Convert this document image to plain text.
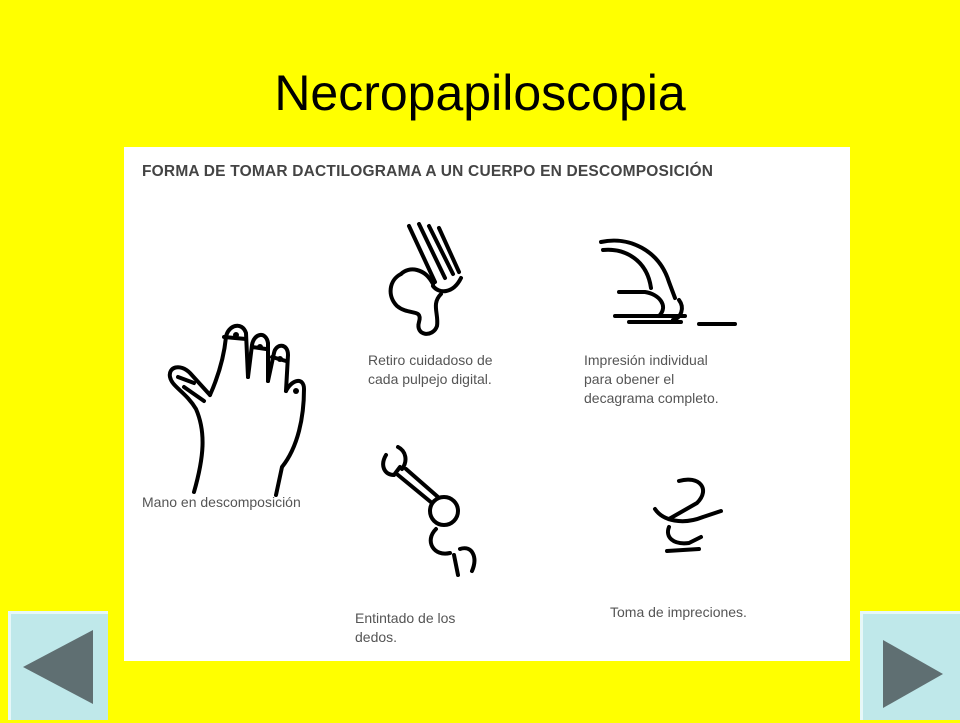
Necropapiloscopia
FORMA DE TOMAR DACTILOGRAMA A UN CUERPO EN DESCOMPOSICIÓN
Mano en descomposición
Retiro cuidadoso de
cada pulpejo digital.
Impresión individual
para obener el
decagrama completo.
Entintado de los
dedos.
Toma de impreciones.
